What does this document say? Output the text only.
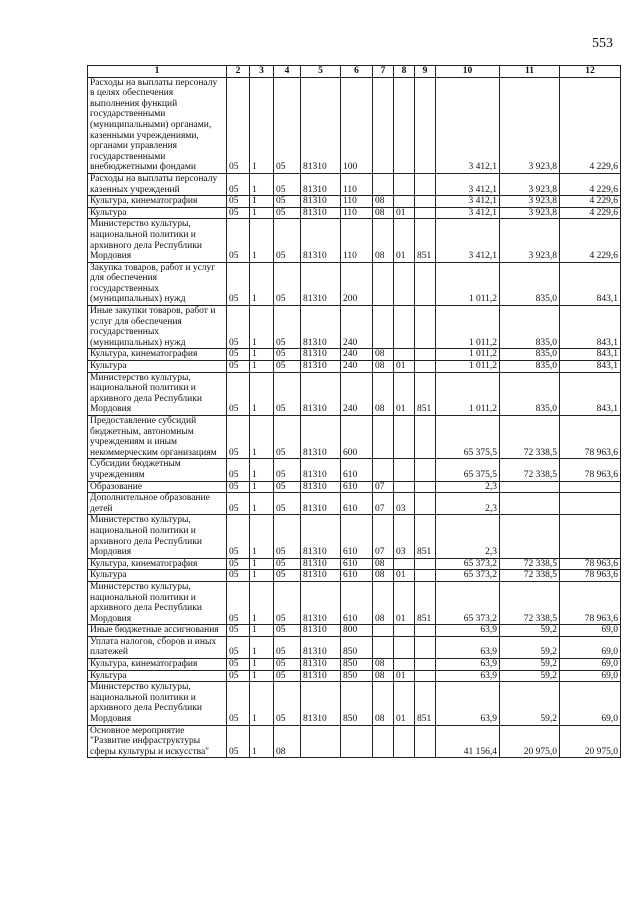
553
1	2	3	4	5	6	7	8	9	10	11	12
Расходы на выплаты персоналу в целях обеспечения выполнения функций государственными (муниципальными) органами, казенными учреждениями, органами управления государственными внебюджетными фондами	05	1	05	81310	100				3 412,1	3 923,8	4 229,6
Расходы на выплаты персоналу казенных учреждений	05	1	05	81310	110				3 412,1	3 923,8	4 229,6
Культура, кинематография	05	1	05	81310	110	08			3 412,1	3 923,8	4 229,6
Культура	05	1	05	81310	110	08	01		3 412,1	3 923,8	4 229,6
Министерство культуры, национальной политики и архивного дела Республики Мордовия	05	1	05	81310	110	08	01	851	3 412,1	3 923,8	4 229,6
Закупка товаров, работ и услуг для обеспечения государственных (муниципальных) нужд	05	1	05	81310	200				1 011,2	835,0	843,1
Иные закупки товаров, работ и услуг для обеспечения государственных (муниципальных) нужд	05	1	05	81310	240				1 011,2	835,0	843,1
Культура, кинематография	05	1	05	81310	240	08			1 011,2	835,0	843,1
Культура	05	1	05	81310	240	08	01		1 011,2	835,0	843,1
Министерство культуры, национальной политики и архивного дела Республики Мордовия	05	1	05	81310	240	08	01	851	1 011,2	835,0	843,1
Предоставление субсидий бюджетным, автономным учреждениям и иным некоммерческим организациям	05	1	05	81310	600				65 375,5	72 338,5	78 963,6
Субсидии бюджетным учреждениям	05	1	05	81310	610				65 375,5	72 338,5	78 963,6
Образование	05	1	05	81310	610	07			2,3		
Дополнительное образование детей	05	1	05	81310	610	07	03		2,3		
Министерство культуры, национальной политики и архивного дела Республики Мордовия	05	1	05	81310	610	07	03	851	2,3		
Культура, кинематография	05	1	05	81310	610	08			65 373,2	72 338,5	78 963,6
Культура	05	1	05	81310	610	08	01		65 373,2	72 338,5	78 963,6
Министерство культуры, национальной политики и архивного дела Республики Мордовия	05	1	05	81310	610	08	01	851	65 373,2	72 338,5	78 963,6
Иные бюджетные ассигнования	05	1	05	81310	800				63,9	59,2	69,0
Уплата налогов, сборов и иных платежей	05	1	05	81310	850				63,9	59,2	69,0
Культура, кинематография	05	1	05	81310	850	08			63,9	59,2	69,0
Культура	05	1	05	81310	850	08	01		63,9	59,2	69,0
Министерство культуры, национальной политики и архивного дела Республики Мордовия	05	1	05	81310	850	08	01	851	63,9	59,2	69,0
Основное мероприятие "Развитие инфраструктуры сферы культуры и искусства"	05	1	08						41 156,4	20 975,0	20 975,0
